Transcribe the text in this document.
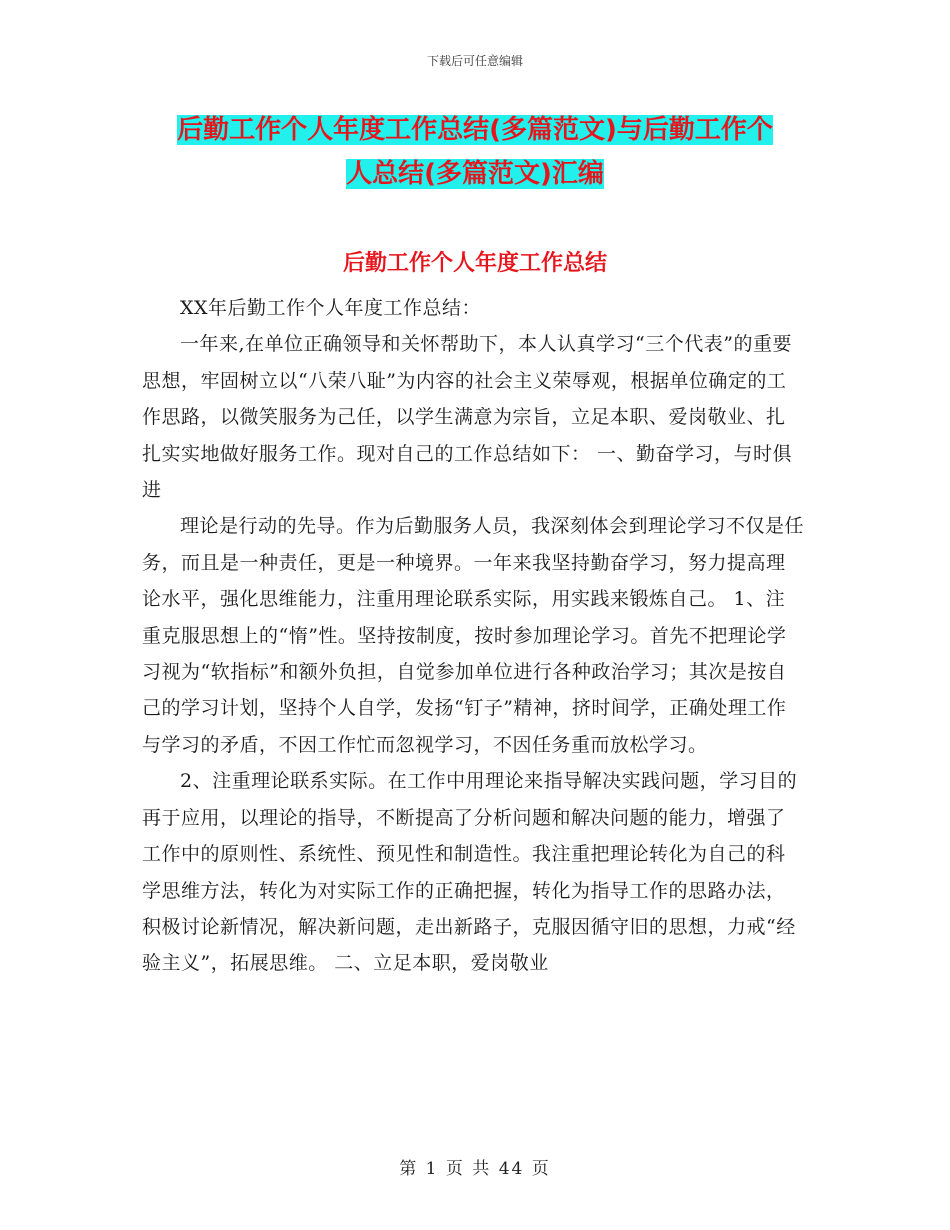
下载后可任意编辑
后勤工作个人年度工作总结(多篇范文)与后勤工作个
人总结(多篇范文)汇编
后勤工作个人年度工作总结

XX年后勤工作个人年度工作总结：

一年来,在单位正确领导和关怀帮助下，本人认真学习“三个代表”的重要思想，牢固树立以“八荣八耻”为内容的社会主义荣辱观，根据单位确定的工作思路，以微笑服务为己任，以学生满意为宗旨，立足本职、爱岗敬业、扎扎实实地做好服务工作。现对自己的工作总结如下： 一、勤奋学习，与时俱进

理论是行动的先导。作为后勤服务人员，我深刻体会到理论学习不仅是任务，而且是一种责任，更是一种境界。一年来我坚持勤奋学习，努力提高理论水平，强化思维能力，注重用理论联系实际，用实践来锻炼自己。 1、注重克服思想上的“惰”性。坚持按制度，按时参加理论学习。首先不把理论学习视为“软指标”和额外负担，自觉参加单位进行各种政治学习；其次是按自己的学习计划，坚持个人自学，发扬“钉子”精神，挤时间学，正确处理工作与学习的矛盾，不因工作忙而忽视学习，不因任务重而放松学习。

2、注重理论联系实际。在工作中用理论来指导解决实践问题，学习目的再于应用，以理论的指导，不断提高了分析问题和解决问题的能力，增强了工作中的原则性、系统性、预见性和制造性。我注重把理论转化为自己的科学思维方法，转化为对实际工作的正确把握，转化为指导工作的思路办法，积极讨论新情况，解决新问题，走出新路子，克服因循守旧的思想，力戒“经验主义”，拓展思维。 二、立足本职，爱岗敬业

第 1 页 共 44 页
